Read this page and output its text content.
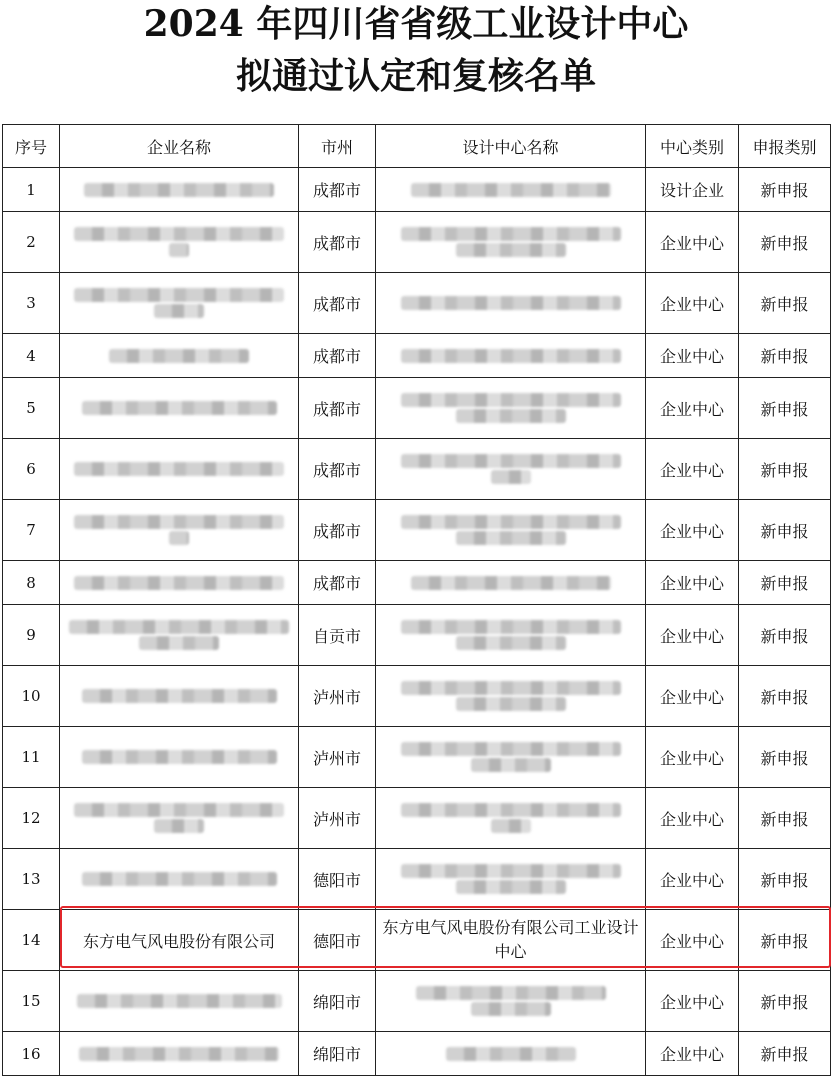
2024 年四川省省级工业设计中心
拟通过认定和复核名单
序号	企业名称	市州	设计中心名称	中心类别	申报类别
1		成都市		设计企业	新申报
2		成都市		企业中心	新申报
3		成都市		企业中心	新申报
4		成都市		企业中心	新申报
5		成都市		企业中心	新申报
6		成都市		企业中心	新申报
7		成都市		企业中心	新申报
8		成都市		企业中心	新申报
9		自贡市		企业中心	新申报
10		泸州市		企业中心	新申报
11		泸州市		企业中心	新申报
12		泸州市		企业中心	新申报
13		德阳市		企业中心	新申报
14	东方电气风电股份有限公司	德阳市	东方电气风电股份有限公司工业设计中心	企业中心	新申报
15		绵阳市		企业中心	新申报
16		绵阳市		企业中心	新申报
